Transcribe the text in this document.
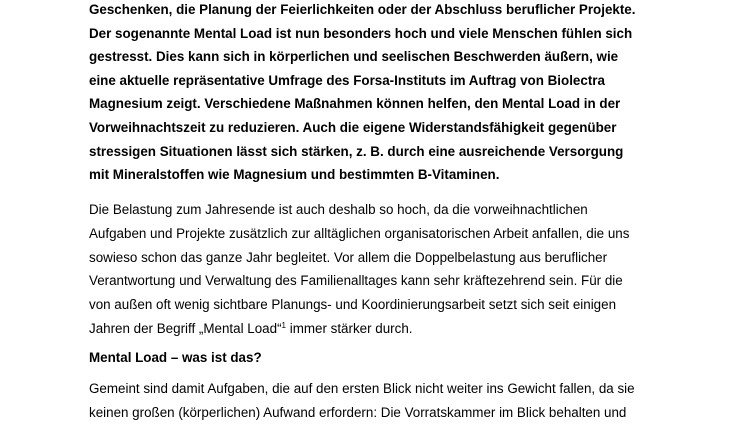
Geschenken, die Planung der Feierlichkeiten oder der Abschluss beruflicher Projekte.
Der sogenannte Mental Load ist nun besonders hoch und viele Menschen fühlen sich
gestresst. Dies kann sich in körperlichen und seelischen Beschwerden äußern, wie
eine aktuelle repräsentative Umfrage des Forsa-Instituts im Auftrag von Biolectra
Magnesium zeigt. Verschiedene Maßnahmen können helfen, den Mental Load in der
Vorweihnachtszeit zu reduzieren. Auch die eigene Widerstandsfähigkeit gegenüber
stressigen Situationen lässt sich stärken, z. B. durch eine ausreichende Versorgung
mit Mineralstoffen wie Magnesium und bestimmten B-Vitaminen.
Die Belastung zum Jahresende ist auch deshalb so hoch, da die vorweihnachtlichen
Aufgaben und Projekte zusätzlich zur alltäglichen organisatorischen Arbeit anfallen, die uns
sowieso schon das ganze Jahr begleitet. Vor allem die Doppelbelastung aus beruflicher
Verantwortung und Verwaltung des Familienalltages kann sehr kräftezehrend sein. Für die
von außen oft wenig sichtbare Planungs- und Koordinierungsarbeit setzt sich seit einigen
Jahren der Begriff „Mental Load“$^1$ immer stärker durch.
Mental Load – was ist das?
Gemeint sind damit Aufgaben, die auf den ersten Blick nicht weiter ins Gewicht fallen, da sie
keinen großen (körperlichen) Aufwand erfordern: Die Vorratskammer im Blick behalten und
